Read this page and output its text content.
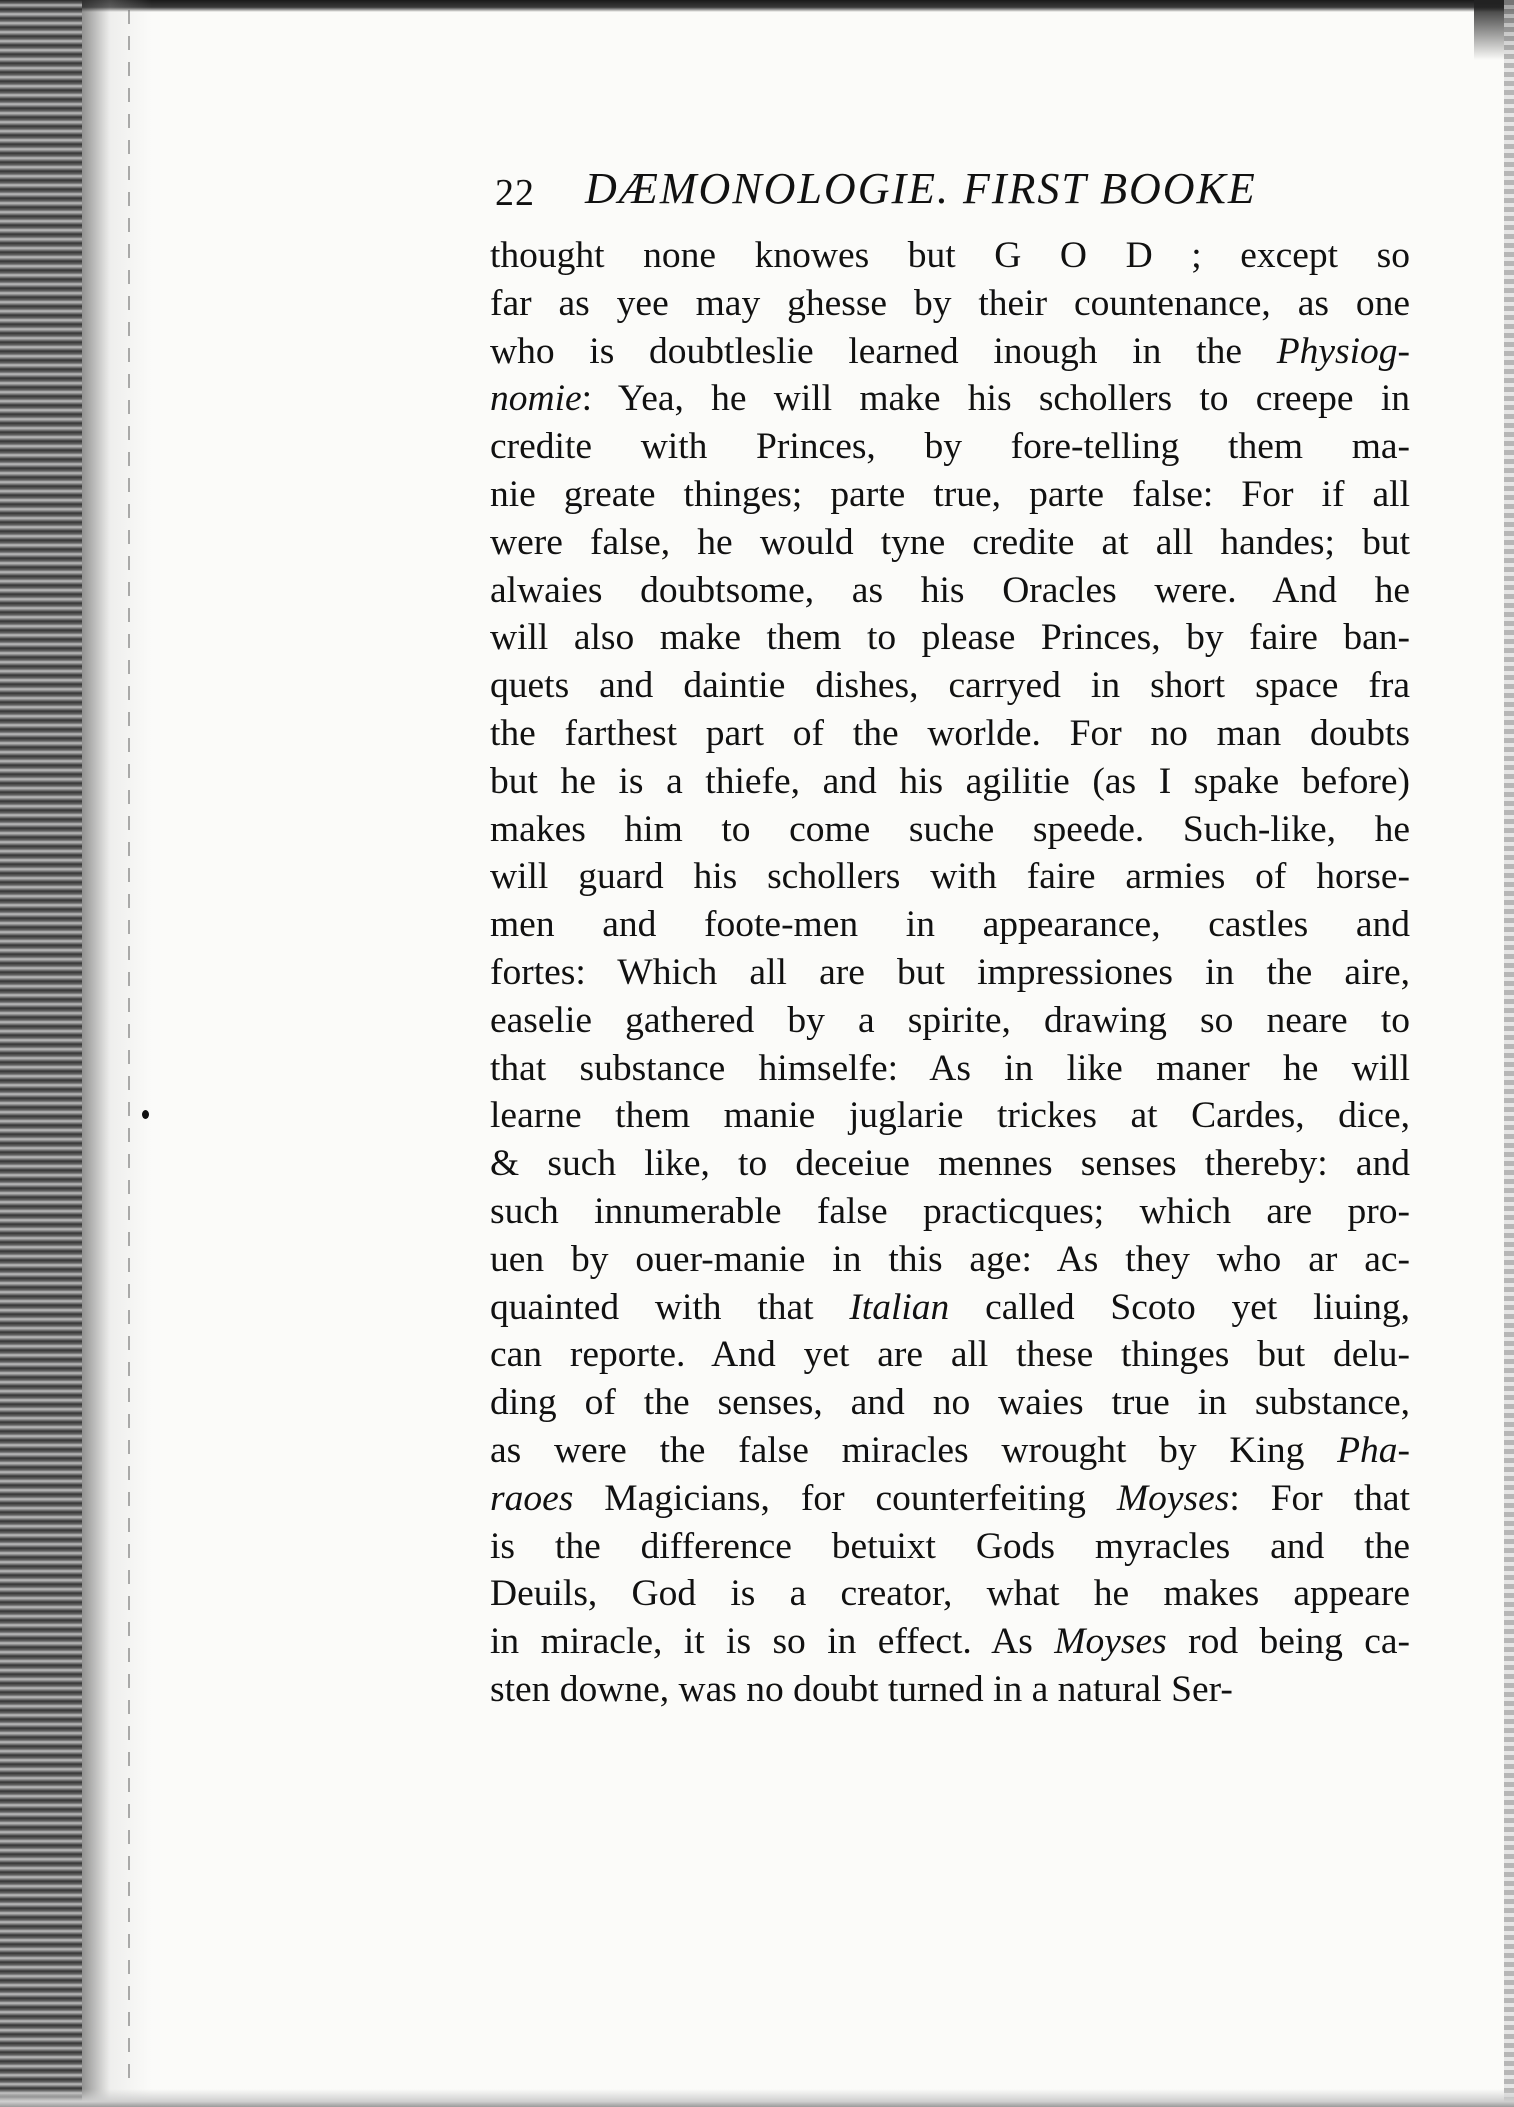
22 DÆMONOLOGIE. FIRST BOOKE
thought none knowes but G O D ; except so
far as yee may ghesse by their countenance, as one
who is doubtleslie learned inough in the Physiog-
nomie: Yea, he will make his schollers to creepe in
credite with Princes, by fore-telling them ma-
nie greate thinges; parte true, parte false: For if all
were false, he would tyne credite at all handes; but
alwaies doubtsome, as his Oracles were. And he
will also make them to please Princes, by faire ban-
quets and daintie dishes, carryed in short space fra
the farthest part of the worlde. For no man doubts
but he is a thiefe, and his agilitie (as I spake before)
makes him to come suche speede. Such-like, he
will guard his schollers with faire armies of horse-
men and foote-men in appearance, castles and
fortes: Which all are but impressiones in the aire,
easelie gathered by a spirite, drawing so neare to
that substance himselfe: As in like maner he will
learne them manie juglarie trickes at Cardes, dice,
& such like, to deceiue mennes senses thereby: and
such innumerable false practicques; which are pro-
uen by ouer-manie in this age: As they who ar ac-
quainted with that Italian called Scoto yet liuing,
can reporte. And yet are all these thinges but delu-
ding of the senses, and no waies true in substance,
as were the false miracles wrought by King Pha-
raoes Magicians, for counterfeiting Moyses: For that
is the difference betuixt Gods myracles and the
Deuils, God is a creator, what he makes appeare
in miracle, it is so in effect. As Moyses rod being ca-
sten downe, was no doubt turned in a natural Ser-
